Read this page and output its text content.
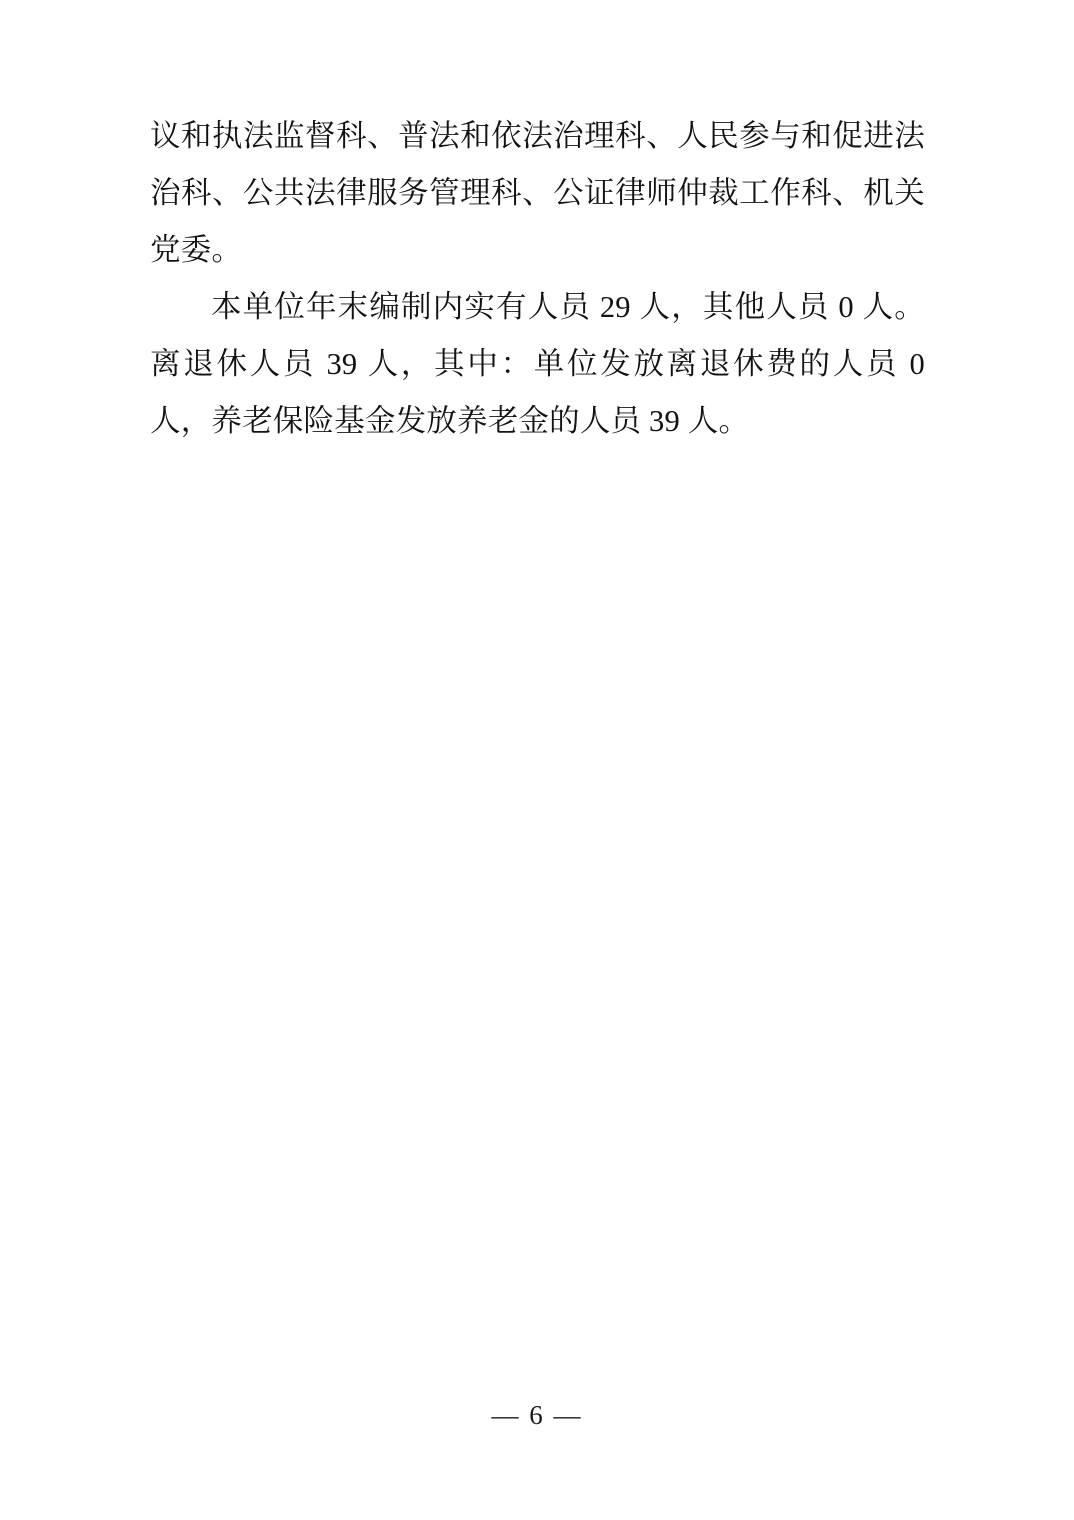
议和执法监督科、普法和依法治理科、人民参与和促进法治科、公共法律服务管理科、公证律师仲裁工作科、机关党委。

本单位年末编制内实有人员 29 人，其他人员 0 人。离退休人员 39 人，其中：单位发放离退休费的人员 0 人，养老保险基金发放养老金的人员 39 人。

— 6 —
